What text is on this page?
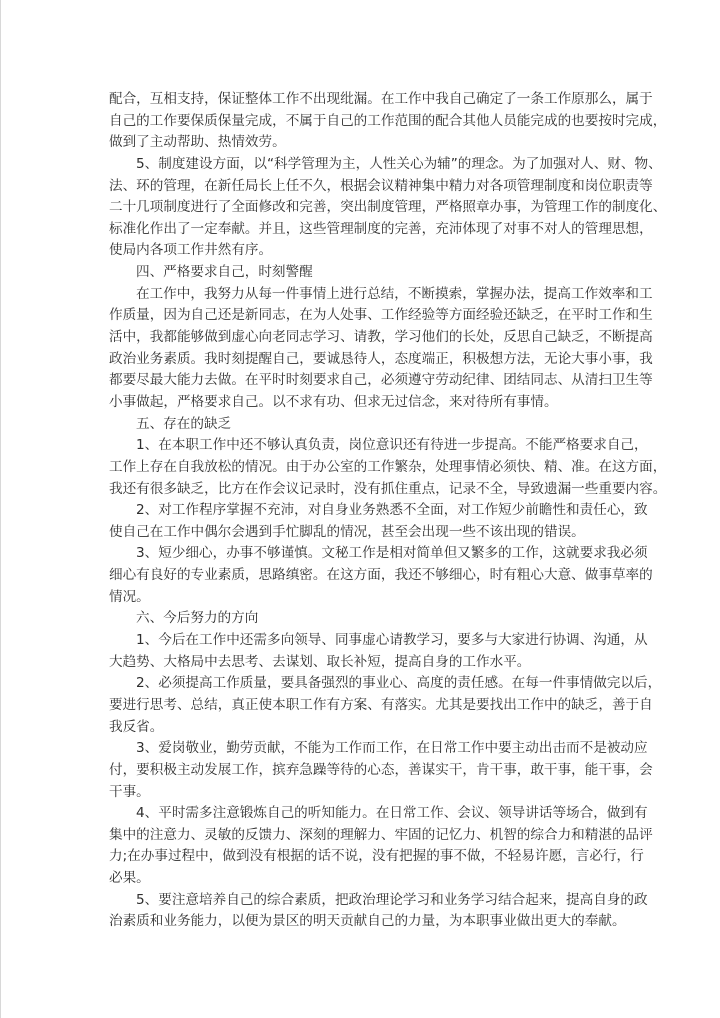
配合，互相支持，保证整体工作不出现纰漏。在工作中我自己确定了一条工作原那么，属于
自己的工作要保质保量完成，不属于自己的工作范围的配合其他人员能完成的也要按时完成，
做到了主动帮助、热情效劳。
5、制度建设方面，以“科学管理为主，人性关心为辅”的理念。为了加强对人、财、物、
法、环的管理，在新任局长上任不久，根据会议精神集中精力对各项管理制度和岗位职责等
二十几项制度进行了全面修改和完善，突出制度管理，严格照章办事，为管理工作的制度化、
标准化作出了一定奉献。并且，这些管理制度的完善，充沛体现了对事不对人的管理思想，
使局内各项工作井然有序。
四、严格要求自己，时刻警醒
在工作中，我努力从每一件事情上进行总结，不断摸索，掌握办法，提高工作效率和工
作质量，因为自己还是新同志，在为人处事、工作经验等方面经验还缺乏，在平时工作和生
活中，我都能够做到虚心向老同志学习、请教，学习他们的长处，反思自己缺乏，不断提高
政治业务素质。我时刻提醒自己，要诚恳待人，态度端正，积极想方法，无论大事小事，我
都要尽最大能力去做。在平时时刻要求自己，必须遵守劳动纪律、团结同志、从清扫卫生等
小事做起，严格要求自己。以不求有功、但求无过信念，来对待所有事情。
五、存在的缺乏
1、在本职工作中还不够认真负责，岗位意识还有待进一步提高。不能严格要求自己，
工作上存在自我放松的情况。由于办公室的工作繁杂，处理事情必须快、精、准。在这方面，
我还有很多缺乏，比方在作会议记录时，没有抓住重点，记录不全，导致遗漏一些重要内容。
2、对工作程序掌握不充沛，对自身业务熟悉不全面，对工作短少前瞻性和责任心，致
使自己在工作中偶尔会遇到手忙脚乱的情况，甚至会出现一些不该出现的错误。
3、短少细心，办事不够谨慎。文秘工作是相对简单但又繁多的工作，这就要求我必须
细心有良好的专业素质，思路缜密。在这方面，我还不够细心，时有粗心大意、做事草率的
情况。
六、今后努力的方向
1、今后在工作中还需多向领导、同事虚心请教学习，要多与大家进行协调、沟通，从
大趋势、大格局中去思考、去谋划、取长补短，提高自身的工作水平。
2、必须提高工作质量，要具备强烈的事业心、高度的责任感。在每一件事情做完以后，
要进行思考、总结，真正使本职工作有方案、有落实。尤其是要找出工作中的缺乏，善于自
我反省。
3、爱岗敬业，勤劳贡献，不能为工作而工作，在日常工作中要主动出击而不是被动应
付，要积极主动发展工作，摈弃急躁等待的心态，善谋实干，肯干事，敢干事，能干事，会
干事。
4、平时需多注意锻炼自己的听知能力。在日常工作、会议、领导讲话等场合，做到有
集中的注意力、灵敏的反馈力、深刻的理解力、牢固的记忆力、机智的综合力和精湛的品评
力;在办事过程中，做到没有根据的话不说，没有把握的事不做，不轻易许愿，言必行，行
必果。
5、要注意培养自己的综合素质，把政治理论学习和业务学习结合起来，提高自身的政
治素质和业务能力，以便为景区的明天贡献自己的力量，为本职事业做出更大的奉献。
